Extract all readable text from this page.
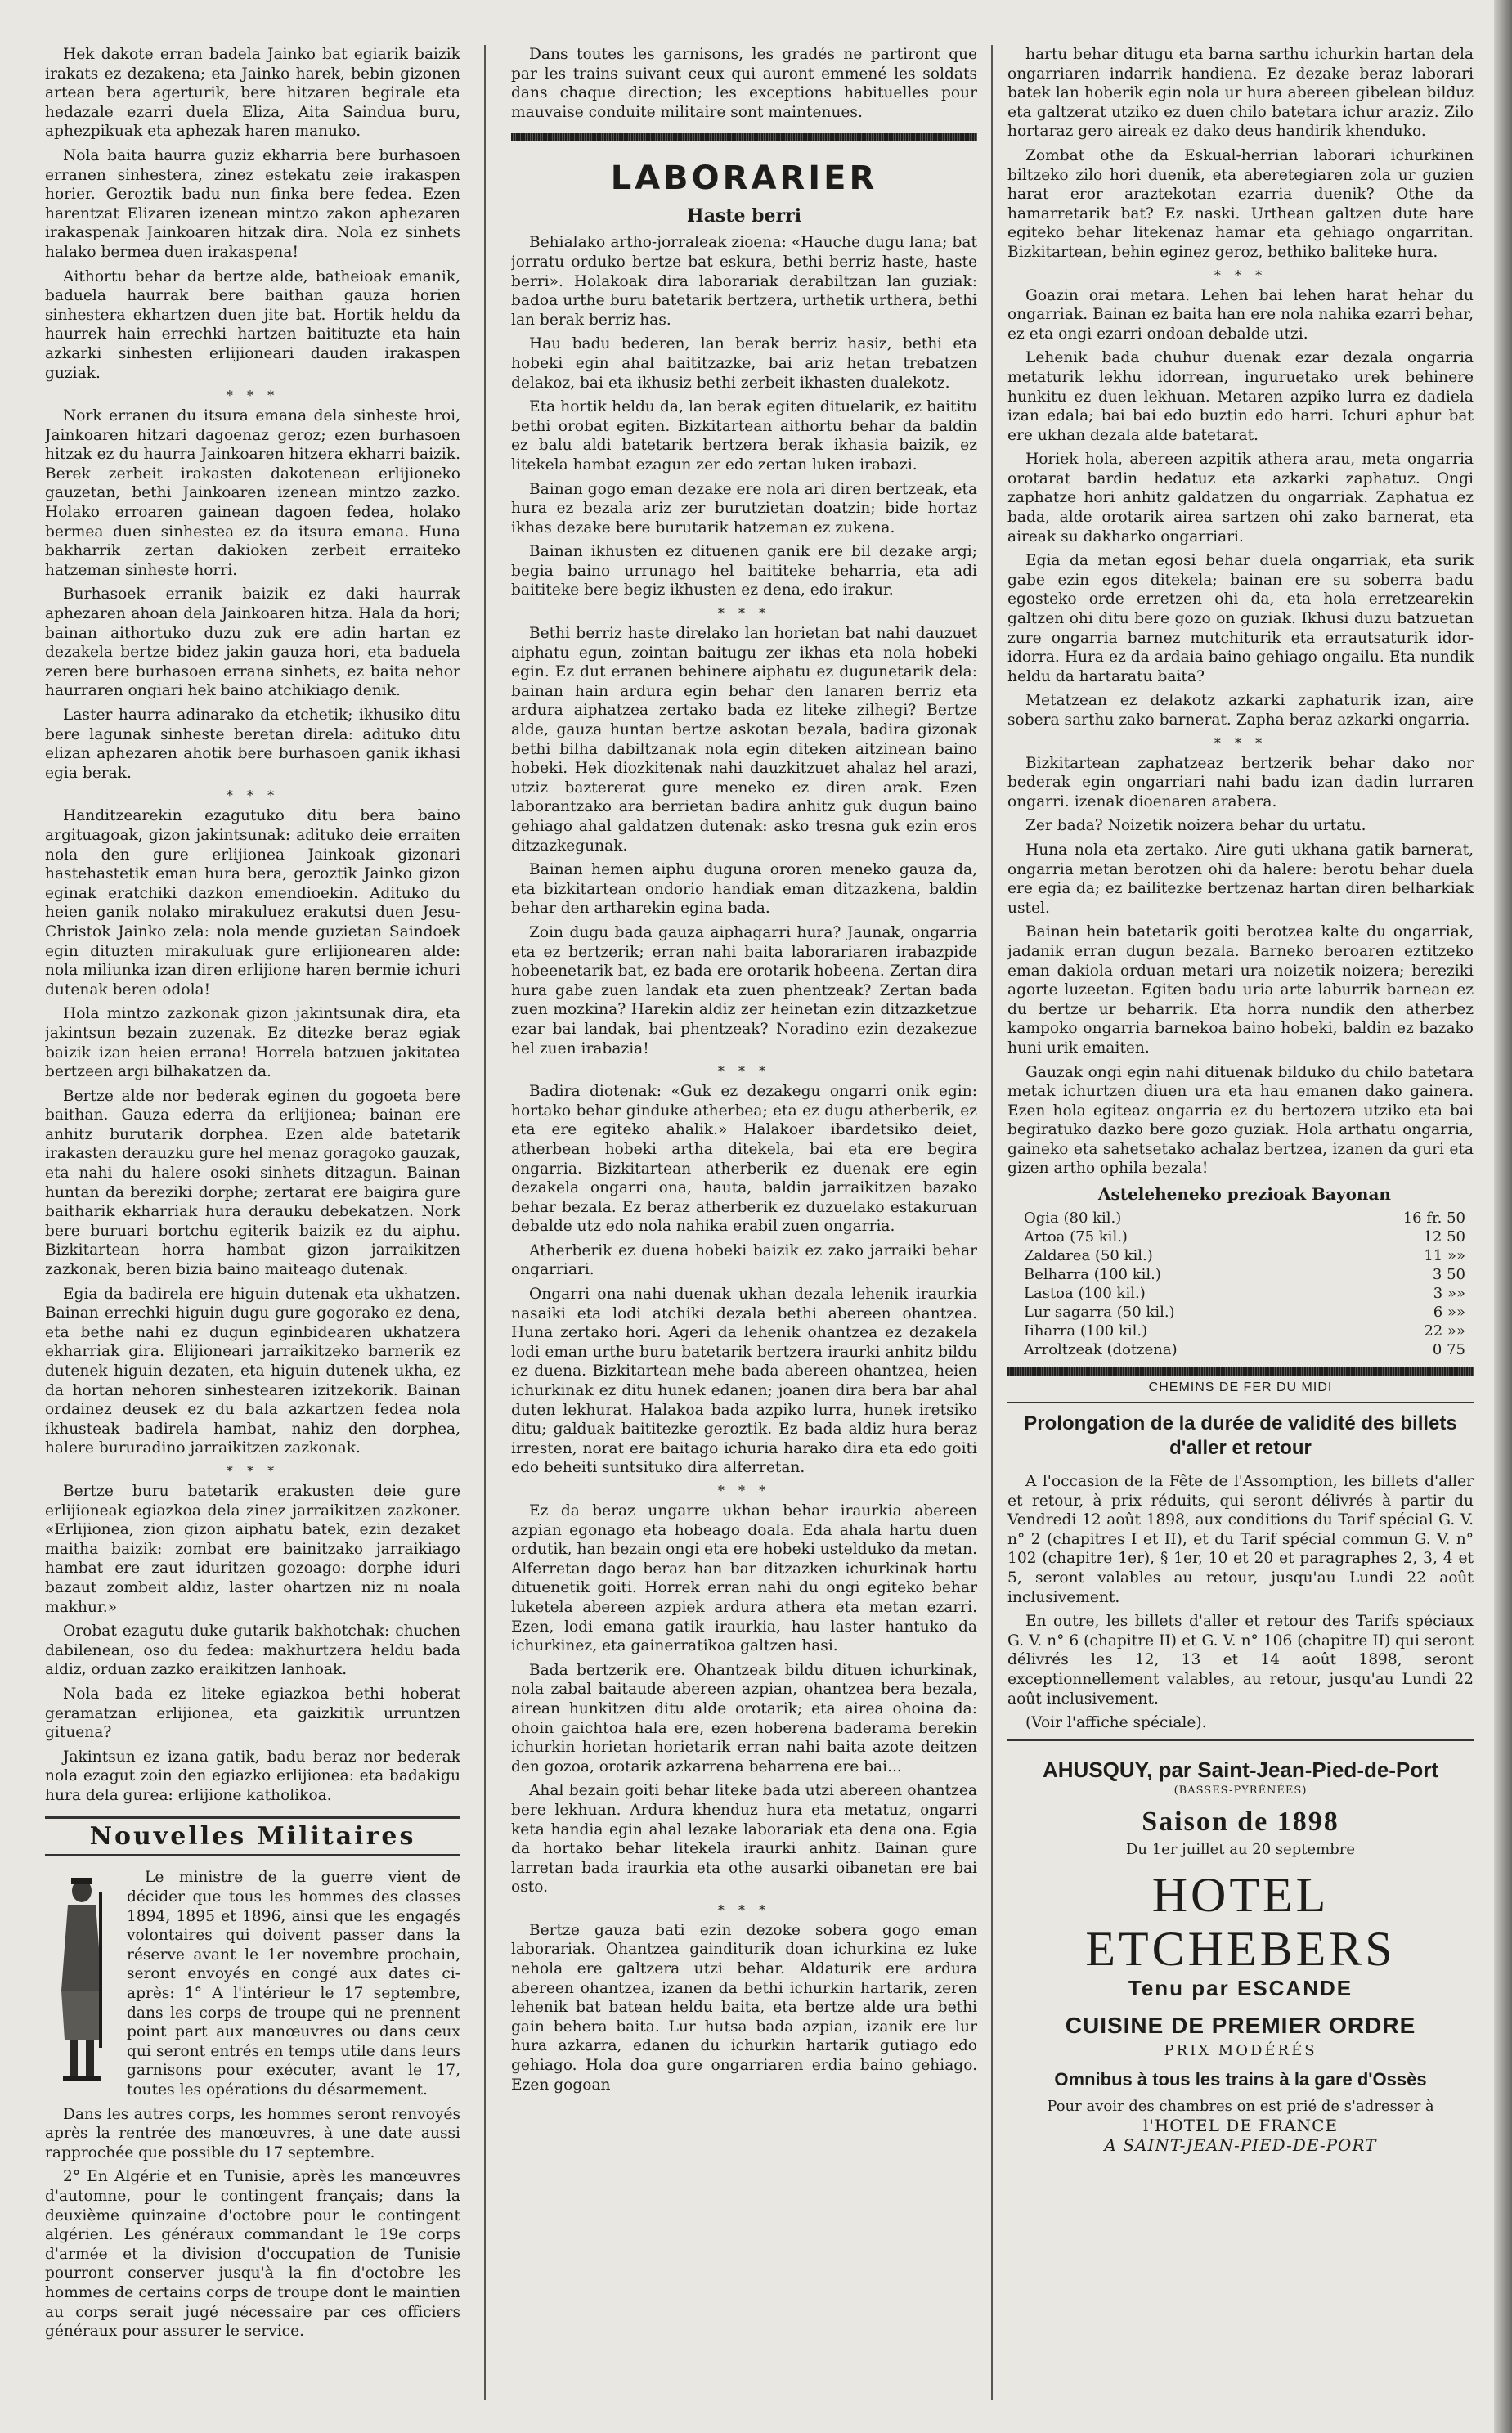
Hek dakote erran badela Jainko bat egiarik baizik irakats ez dezakena; eta Jainko harek, bebin gizonen artean bera agerturik, bere hitzaren begirale eta hedazale ezarri duela Eliza, Aita Saindua buru, aphezpikuak eta aphezak haren manuko.

Nola baita haurra guziz ekharria bere burhasoen erranen sinhestera, zinez estekatu zeie irakaspen horier. Geroztik badu nun finka bere fedea. Ezen harentzat Elizaren izenean mintzo zakon aphezaren irakaspenak Jainkoaren hitzak dira. Nola ez sinhets halako bermea duen irakaspena!

Aithortu behar da bertze alde, batheioak emanik, baduela haurrak bere baithan gauza horien sinhestera ekhartzen duen jite bat. Hortik heldu da haurrek hain errechki hartzen baitituzte eta hain azkarki sinhesten erlijioneari dauden irakaspen guziak.

* * *

Nork erranen du itsura emana dela sinheste hroi, Jainkoaren hitzari dagoenaz geroz; ezen burhasoen hitzak ez du haurra Jainkoaren hitzera ekharri baizik. Berek zerbeit irakasten dakotenean erlijioneko gauzetan, bethi Jainkoaren izenean mintzo zazko. Holako erroaren gainean dagoen fedea, holako bermea duen sinhestea ez da itsura emana. Huna bakharrik zertan dakioken zerbeit erraiteko hatzeman sinheste horri.

Burhasoek erranik baizik ez daki haurrak aphezaren ahoan dela Jainkoaren hitza. Hala da hori; bainan aithortuko duzu zuk ere adin hartan ez dezakela bertze bidez jakin gauza hori, eta baduela zeren bere burhasoen errana sinhets, ez baita nehor haurraren ongiari hek baino atchikiago denik.

Laster haurra adinarako da etchetik; ikhusiko ditu bere lagunak sinheste beretan direla: adituko ditu elizan aphezaren ahotik bere burhasoen ganik ikhasi egia berak.

* * *

Handitzearekin ezagutuko ditu bera baino argituagoak, gizon jakintsunak: adituko deie erraiten nola den gure erlijionea Jainkoak gizonari hastehastetik eman hura bera, geroztik Jainko gizon eginak eratchiki dazkon emendioekin. Adituko du heien ganik nolako mirakuluez erakutsi duen Jesu-Christok Jainko zela: nola mende guzietan Saindoek egin dituzten mirakuluak gure erlijionearen alde: nola miliunka izan diren erlijione haren bermie ichuri dutenak beren odola!

Hola mintzo zazkonak gizon jakintsunak dira, eta jakintsun bezain zuzenak. Ez ditezke beraz egiak baizik izan heien errana! Horrela batzuen jakitatea bertzeen argi bilhakatzen da.

Bertze alde nor bederak eginen du gogoeta bere baithan. Gauza ederra da erlijionea; bainan ere anhitz burutarik dorphea. Ezen alde batetarik irakasten derauzku gure hel menaz goragoko gauzak, eta nahi du halere osoki sinhets ditzagun. Bainan huntan da bereziki dorphe; zertarat ere baigira gure baitharik ekharriak hura derauku debekatzen. Nork bere buruari bortchu egiterik baizik ez du aiphu. Bizkitartean horra hambat gizon jarraikitzen zazkonak, beren bizia baino maiteago dutenak.

Egia da badirela ere higuin dutenak eta ukhatzen. Bainan errechki higuin dugu gure gogorako ez dena, eta bethe nahi ez dugun eginbidearen ukhatzera ekharriak gira. Elijioneari jarraikitzeko barnerik ez dutenek higuin dezaten, eta higuin dutenek ukha, ez da hortan nehoren sinhestearen izitzekorik. Bainan ordainez deusek ez du bala azkartzen fedea nola ikhusteak badirela hambat, nahiz den dorphea, halere bururadino jarraikitzen zazkonak.

* * *

Bertze buru batetarik erakusten deie gure erlijioneak egiazkoa dela zinez jarraikitzen zazkoner. «Erlijionea, zion gizon aiphatu batek, ezin dezaket maitha baizik: zombat ere bainitzako jarraikiago hambat ere zaut iduritzen gozoago: dorphe iduri bazaut zombeit aldiz, laster ohartzen niz ni noala makhur.»

Orobat ezagutu duke gutarik bakhotchak: chuchen dabilenean, oso du fedea: makhurtzera heldu bada aldiz, orduan zazko eraikitzen lanhoak.

Nola bada ez liteke egiazkoa bethi hoberat geramatzan erlijionea, eta gaizkitik urruntzen gituena?

Jakintsun ez izana gatik, badu beraz nor bederak nola ezagut zoin den egiazko erlijionea: eta badakigu hura dela gurea: erlijione katholikoa.

Nouvelles Militaires

Le ministre de la guerre vient de décider que tous les hommes des classes 1894, 1895 et 1896, ainsi que les engagés volontaires qui doivent passer dans la réserve avant le 1er novembre prochain, seront envoyés en congé aux dates ci-après: 1° A l'intérieur le 17 septembre, dans les corps de troupe qui ne prennent point part aux manœuvres ou dans ceux qui seront entrés en temps utile dans leurs garnisons pour exécuter, avant le 17, toutes les opérations du désarmement.

Dans les autres corps, les hommes seront renvoyés après la rentrée des manœuvres, à une date aussi rapprochée que possible du 17 septembre.

2° En Algérie et en Tunisie, après les manœuvres d'automne, pour le contingent français; dans la deuxième quinzaine d'octobre pour le contingent algérien. Les généraux commandant le 19e corps d'armée et la division d'occupation de Tunisie pourront conserver jusqu'à la fin d'octobre les hommes de certains corps de troupe dont le maintien au corps serait jugé nécessaire par ces officiers généraux pour assurer le service.

Dans toutes les garnisons, les gradés ne partiront que par les trains suivant ceux qui auront emmené les soldats dans chaque direction; les exceptions habituelles pour mauvaise conduite militaire sont maintenues.

LABORARIER
Haste berri

Behialako artho-jorraleak zioena: «Hauche dugu lana; bat jorratu orduko bertze bat eskura, bethi berriz haste, haste berri». Holakoak dira laborariak derabiltzan lan guziak: badoa urthe buru batetarik bertzera, urthetik urthera, bethi lan berak berriz has.

Hau badu bederen, lan berak berriz hasiz, bethi eta hobeki egin ahal baititzazke, bai ariz hetan trebatzen delakoz, bai eta ikhusiz bethi zerbeit ikhasten dualekotz.

Eta hortik heldu da, lan berak egiten dituelarik, ez baititu bethi orobat egiten. Bizkitartean aithortu behar da baldin ez balu aldi batetarik bertzera berak ikhasia baizik, ez litekela hambat ezagun zer edo zertan luken irabazi.

Bainan gogo eman dezake ere nola ari diren bertzeak, eta hura ez bezala ariz zer burutzietan doatzin; bide hortaz ikhas dezake bere burutarik hatzeman ez zukena.

Bainan ikhusten ez dituenen ganik ere bil dezake argi; begia baino urrunago hel baititeke beharria, eta adi baititeke bere begiz ikhusten ez dena, edo irakur.

* * *

Bethi berriz haste direlako lan horietan bat nahi dauzuet aiphatu egun, zointan baitugu zer ikhas eta nola hobeki egin. Ez dut erranen behinere aiphatu ez dugunetarik dela: bainan hain ardura egin behar den lanaren berriz eta ardura aiphatzea zertako bada ez liteke zilhegi? Bertze alde, gauza huntan bertze askotan bezala, badira gizonak bethi bilha dabiltzanak nola egin diteken aitzinean baino hobeki. Hek diozkitenak nahi dauzkitzuet ahalaz hel arazi, utziz baztererat gure meneko ez diren arak. Ezen laborantzako ara berrietan badira anhitz guk dugun baino gehiago ahal galdatzen dutenak: asko tresna guk ezin eros ditzazkegunak.

Bainan hemen aiphu duguna ororen meneko gauza da, eta bizkitartean ondorio handiak eman ditzazkena, baldin behar den artharekin egina bada.

Zoin dugu bada gauza aiphagarri hura? Jaunak, ongarria eta ez bertzerik; erran nahi baita laborariaren irabazpide hobeenetarik bat, ez bada ere orotarik hobeena. Zertan dira hura gabe zuen landak eta zuen phentzeak? Zertan bada zuen mozkina? Harekin aldiz zer heinetan ezin ditzazketzue ezar bai landak, bai phentzeak? Noradino ezin dezakezue hel zuen irabazia!

* * *

Badira diotenak: «Guk ez dezakegu ongarri onik egin: hortako behar ginduke atherbea; eta ez dugu atherberik, ez eta ere egiteko ahalik.» Halakoer ibardetsiko deiet, atherbean hobeki artha ditekela, bai eta ere begira ongarria. Bizkitartean atherberik ez duenak ere egin dezakela ongarri ona, hauta, baldin jarraikitzen bazako behar bezala. Ez beraz atherberik ez duzuelako estakuruan debalde utz edo nola nahika erabil zuen ongarria.

Atherberik ez duena hobeki baizik ez zako jarraiki behar ongarriari.

Ongarri ona nahi duenak ukhan dezala lehenik iraurkia nasaiki eta lodi atchiki dezala bethi abereen ohantzea. Huna zertako hori. Ageri da lehenik ohantzea ez dezakela lodi eman urthe buru batetarik bertzera iraurki anhitz bildu ez duena. Bizkitartean mehe bada abereen ohantzea, heien ichurkinak ez ditu hunek edanen; joanen dira bera bar ahal duten lekhurat. Halakoa bada azpiko lurra, hunek iretsiko ditu; galduak baititezke geroztik. Ez bada aldiz hura beraz irresten, norat ere baitago ichuria harako dira eta edo goiti edo beheiti suntsituko dira alferretan.

* * *

Ez da beraz ungarre ukhan behar iraurkia abereen azpian egonago eta hobeago doala. Eda ahala hartu duen ordutik, han bezain ongi eta ere hobeki ustelduko da metan. Alferretan dago beraz han bar ditzazken ichurkinak hartu dituenetik goiti. Horrek erran nahi du ongi egiteko behar luketela abereen azpiek ardura athera eta metan ezarri. Ezen, lodi emana gatik iraurkia, hau laster hantuko da ichurkinez, eta gainerratikoa galtzen hasi.

Bada bertzerik ere. Ohantzeak bildu dituen ichurkinak, nola zabal baitaude abereen azpian, ohantzea bera bezala, airean hunkitzen ditu alde orotarik; eta airea ohoina da: ohoin gaichtoa hala ere, ezen hoberena baderama berekin ichurkin horietan horietarik erran nahi baita azote deitzen den gozoa, orotarik azkarrena beharrena ere bai...

Ahal bezain goiti behar liteke bada utzi abereen ohantzea bere lekhuan. Ardura khenduz hura eta metatuz, ongarri keta handia egin ahal lezake laborariak eta dena ona. Egia da hortako behar litekela iraurki anhitz. Bainan gure larretan bada iraurkia eta othe ausarki oibanetan ere bai osto.

* * *

Bertze gauza bati ezin dezoke sobera gogo eman laborariak. Ohantzea gainditurik doan ichurkina ez luke nehola ere galtzera utzi behar. Aldaturik ere ardura abereen ohantzea, izanen da bethi ichurkin hartarik, zeren lehenik bat batean heldu baita, eta bertze alde ura bethi gain behera baita. Lur hutsa bada azpian, izanik ere lur hura azkarra, edanen du ichurkin hartarik gutiago edo gehiago. Hola doa gure ongarriaren erdia baino gehiago. Ezen gogoan

hartu behar ditugu eta barna sarthu ichurkin hartan dela ongarriaren indarrik handiena. Ez dezake beraz laborari batek lan hoberik egin nola ur hura abereen gibelean bilduz eta galtzerat utziko ez duen chilo batetara ichur araziz. Zilo hortaraz gero aireak ez dako deus handirik khenduko.

Zombat othe da Eskual-herrian laborari ichurkinen biltzeko zilo hori duenik, eta aberetegiaren zola ur guzien harat eror araztekotan ezarria duenik? Othe da hamarretarik bat? Ez naski. Urthean galtzen dute hare egiteko behar litekenaz hamar eta gehiago ongarritan. Bizkitartean, behin eginez geroz, bethiko baliteke hura.

* * *

Goazin orai metara. Lehen bai lehen harat hehar du ongarriak. Bainan ez baita han ere nola nahika ezarri behar, ez eta ongi ezarri ondoan debalde utzi.

Lehenik bada chuhur duenak ezar dezala ongarria metaturik lekhu idorrean, inguruetako urek behinere hunkitu ez duen lekhuan. Metaren azpiko lurra ez dadiela izan edala; bai bai edo buztin edo harri. Ichuri aphur bat ere ukhan dezala alde batetarat.

Horiek hola, abereen azpitik athera arau, meta ongarria orotarat bardin hedatuz eta azkarki zaphatuz. Ongi zaphatze hori anhitz galdatzen du ongarriak. Zaphatua ez bada, alde orotarik airea sartzen ohi zako barnerat, eta aireak su dakharko ongarriari.

Egia da metan egosi behar duela ongarriak, eta surik gabe ezin egos ditekela; bainan ere su soberra badu egosteko orde erretzen ohi da, eta hola erretzearekin galtzen ohi ditu bere gozo on guziak. Ikhusi duzu batzuetan zure ongarria barnez mutchiturik eta errautsaturik idor-idorra. Hura ez da ardaia baino gehiago ongailu. Eta nundik heldu da hartaratu baita?

Metatzean ez delakotz azkarki zaphaturik izan, aire sobera sarthu zako barnerat. Zapha beraz azkarki ongarria.

* * *

Bizkitartean zaphatzeaz bertzerik behar dako nor bederak egin ongarriari nahi badu izan dadin lurraren ongarri. izenak dioenaren arabera.

Zer bada? Noizetik noizera behar du urtatu.

Huna nola eta zertako. Aire guti ukhana gatik barnerat, ongarria metan berotzen ohi da halere: berotu behar duela ere egia da; ez bailitezke bertzenaz hartan diren belharkiak ustel.

Bainan hein batetarik goiti berotzea kalte du ongarriak, jadanik erran dugun bezala. Barneko beroaren eztitzeko eman dakiola orduan metari ura noizetik noizera; bereziki agorte luzeetan. Egiten badu uria arte laburrik barnean ez du bertze ur beharrik. Eta horra nundik den atherbez kampoko ongarria barnekoa baino hobeki, baldin ez bazako huni urik emaiten.

Gauzak ongi egin nahi dituenak bilduko du chilo batetara metak ichurtzen diuen ura eta hau emanen dako gainera. Ezen hola egiteaz ongarria ez du bertozera utziko eta bai begiratuko dazko bere gozo guziak. Hola arthatu ongarria, gaineko eta sahetsetako achalaz bertzea, izanen da guri eta gizen artho ophila bezala!

Asteleheneko prezioak Bayonan
Ogia (80 kil.)	16 fr. 50
Artoa (75 kil.)	12 50
Zaldarea (50 kil.)	11 »»
Belharra (100 kil.)	3 50
Lastoa (100 kil.)	3 »»
Lur sagarra (50 kil.)	6 »»
Iiharra (100 kil.)	22 »»
Arroltzeak (dotzena)	0 75
CHEMINS DE FER DU MIDI
Prolongation de la durée de validité des billets d'aller et retour

A l'occasion de la Fête de l'Assomption, les billets d'aller et retour, à prix réduits, qui seront délivrés à partir du Vendredi 12 août 1898, aux conditions du Tarif spécial G. V. n° 2 (chapitres I et II), et du Tarif spécial commun G. V. n° 102 (chapitre 1er), § 1er, 10 et 20 et paragraphes 2, 3, 4 et 5, seront valables au retour, jusqu'au Lundi 22 août inclusivement.

En outre, les billets d'aller et retour des Tarifs spéciaux G. V. n° 6 (chapitre II) et G. V. n° 106 (chapitre II) qui seront délivrés les 12, 13 et 14 août 1898, seront exceptionnellement valables, au retour, jusqu'au Lundi 22 août inclusivement.

(Voir l'affiche spéciale).

AHUSQUY, par Saint-Jean-Pied-de-Port
(BASSES-PYRÉNÉES)
Saison de 1898
Du 1er juillet au 20 septembre
HOTEL ETCHEBERS
Tenu par ESCANDE
CUISINE DE PREMIER ORDRE
PRIX MODÉRÉS
Omnibus à tous les trains à la gare d'Ossès
Pour avoir des chambres on est prié de s'adresser à
l'HOTEL DE FRANCE
A SAINT-JEAN-PIED-DE-PORT
